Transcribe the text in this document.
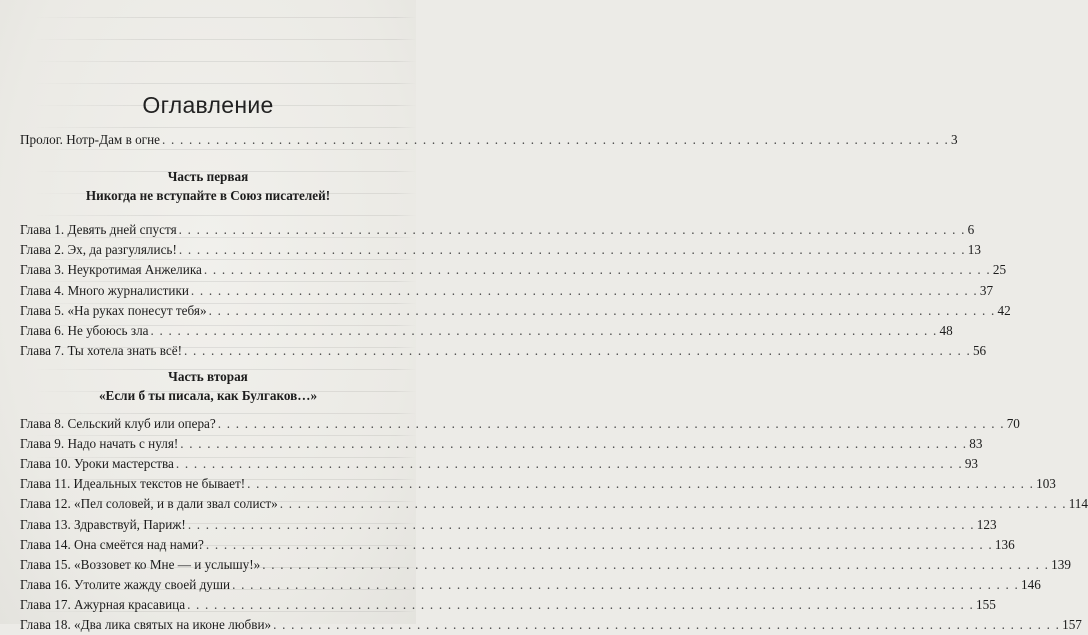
Оглавление
Пролог. Нотр-Дам в огне . . .	3
Часть первая
Никогда не вступайте в Союз писателей!
Глава 1. Девять дней спустя . . .	6
Глава 2. Эх, да разгулялись! . . .	13
Глава 3. Неукротимая Анжелика . . .	25
Глава 4. Много журналистики . . .	37
Глава 5. «На руках понесут тебя» . . .	42
Глава 6. Не убоюсь зла . . .	48
Глава 7. Ты хотела знать всё! . . .	56
Часть вторая
«Если б ты писала, как Булгаков…»
Глава 8. Сельский клуб или опера? . . .	70
Глава 9. Надо начать с нуля! . . .	83
Глава 10. Уроки мастерства . . .	93
Глава 11. Идеальных текстов не бывает! . . .	103
Глава 12. «Пел соловей, и в дали звал солист» . . .	114
Глава 13. Здравствуй, Париж! . . .	123
Глава 14. Она смеётся над нами? . . .	136
Глава 15. «Воззовет ко Мне — и услышу!» . . .	139
Глава 16. Утолите жажду своей души . . .	146
Глава 17. Ажурная красавица . . .	155
Глава 18. «Два лика святых на иконе любви» . . .	157
